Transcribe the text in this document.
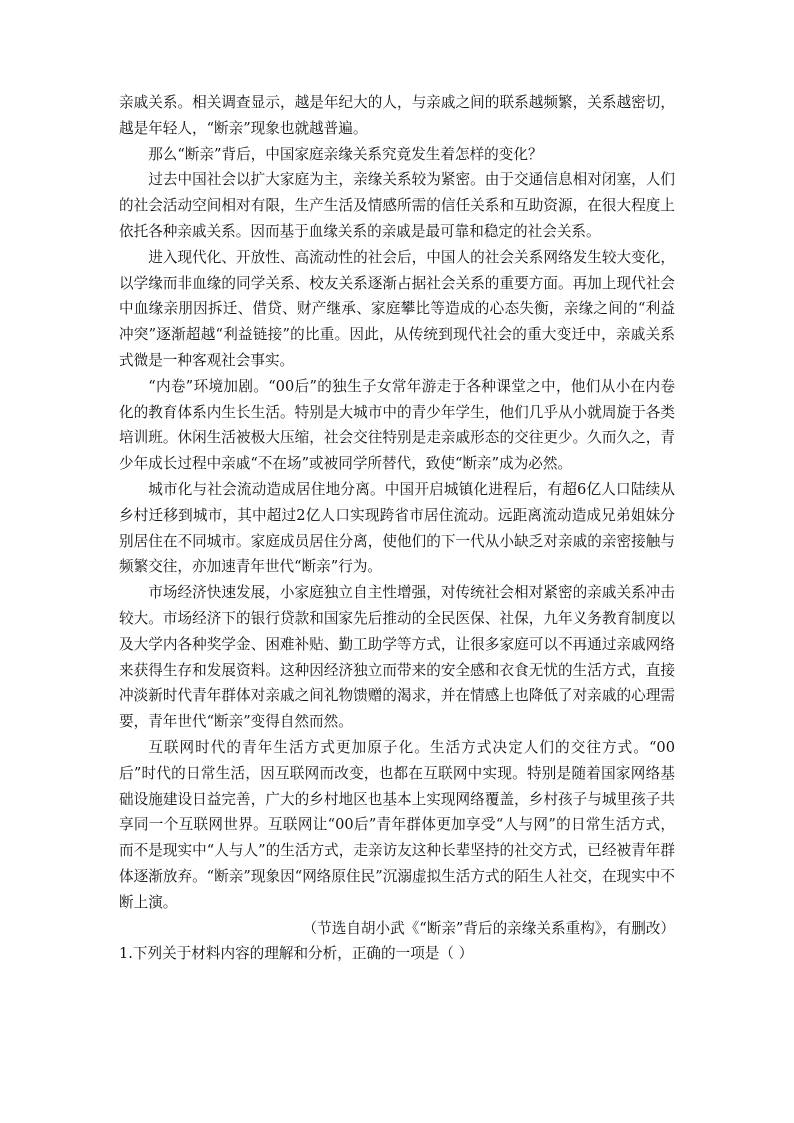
亲戚关系。相关调查显示，越是年纪大的人，与亲戚之间的联系越频繁，关系越密切，越是年轻人，“断亲”现象也就越普遍。

那么“断亲”背后，中国家庭亲缘关系究竟发生着怎样的变化？

过去中国社会以扩大家庭为主，亲缘关系较为紧密。由于交通信息相对闭塞，人们的社会活动空间相对有限，生产生活及情感所需的信任关系和互助资源，在很大程度上依托各种亲戚关系。因而基于血缘关系的亲戚是最可靠和稳定的社会关系。

进入现代化、开放性、高流动性的社会后，中国人的社会关系网络发生较大变化，以学缘而非血缘的同学关系、校友关系逐渐占据社会关系的重要方面。再加上现代社会中血缘亲朋因拆迁、借贷、财产继承、家庭攀比等造成的心态失衡，亲缘之间的“利益冲突”逐渐超越“利益链接”的比重。因此，从传统到现代社会的重大变迁中，亲戚关系式微是一种客观社会事实。

“内卷”环境加剧。“00后”的独生子女常年游走于各种课堂之中，他们从小在内卷化的教育体系内生长生活。特别是大城市中的青少年学生，他们几乎从小就周旋于各类培训班。休闲生活被极大压缩，社会交往特别是走亲戚形态的交往更少。久而久之，青少年成长过程中亲戚“不在场”或被同学所替代，致使“断亲”成为必然。

城市化与社会流动造成居住地分离。中国开启城镇化进程后，有超6亿人口陆续从乡村迁移到城市，其中超过2亿人口实现跨省市居住流动。远距离流动造成兄弟姐妹分别居住在不同城市。家庭成员居住分离，使他们的下一代从小缺乏对亲戚的亲密接触与频繁交往，亦加速青年世代“断亲”行为。

市场经济快速发展，小家庭独立自主性增强，对传统社会相对紧密的亲戚关系冲击较大。市场经济下的银行贷款和国家先后推动的全民医保、社保，九年义务教育制度以及大学内各种奖学金、困难补贴、勤工助学等方式，让很多家庭可以不再通过亲戚网络来获得生存和发展资料。这种因经济独立而带来的安全感和衣食无忧的生活方式，直接冲淡新时代青年群体对亲戚之间礼物馈赠的渴求，并在情感上也降低了对亲戚的心理需要，青年世代“断亲”变得自然而然。

互联网时代的青年生活方式更加原子化。生活方式决定人们的交往方式。“00后”时代的日常生活，因互联网而改变，也都在互联网中实现。特别是随着国家网络基础设施建设日益完善，广大的乡村地区也基本上实现网络覆盖，乡村孩子与城里孩子共享同一个互联网世界。互联网让“00后”青年群体更加享受“人与网”的日常生活方式，而不是现实中“人与人”的生活方式，走亲访友这种长辈坚持的社交方式，已经被青年群体逐渐放弃。“断亲”现象因“网络原住民”沉溺虚拟生活方式的陌生人社交，在现实中不断上演。

（节选自胡小武《“断亲”背后的亲缘关系重构》，有删改）

1.下列关于材料内容的理解和分析，正确的一项是（ ）
